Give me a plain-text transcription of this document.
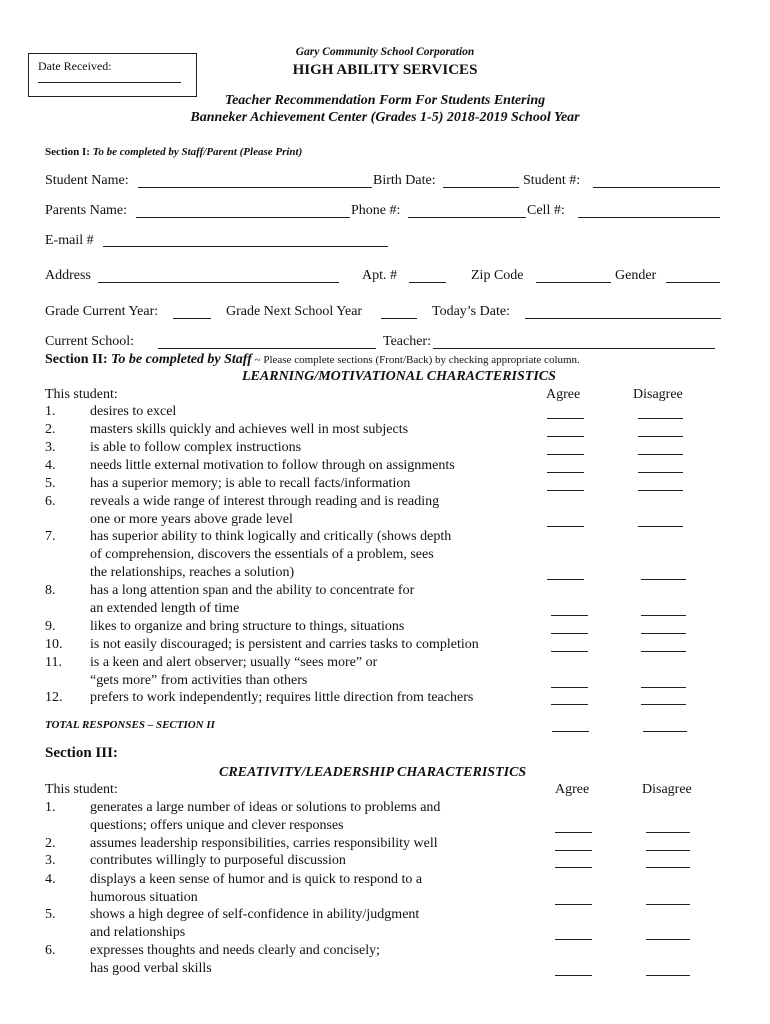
Date Received:
Gary Community School Corporation
HIGH ABILITY SERVICES
Teacher Recommendation Form For Students Entering
Banneker Achievement Center (Grades 1-5) 2018-2019 School Year
Section I: To be completed by Staff/Parent (Please Print)
Student Name:	Birth Date:	Student #:
Parents Name:	Phone #:	Cell #:
E-mail #
Address	Apt. #	Zip Code	Gender
Grade Current Year:	Grade Next School Year	Today’s Date:
Current School:	Teacher:
Section II: To be completed by Staff ~ Please complete sections (Front/Back) by checking appropriate column.
LEARNING/MOTIVATIONAL CHARACTERISTICS
This student:	Agree	Disagree
1. desires to excel
2. masters skills quickly and achieves well in most subjects
3. is able to follow complex instructions
4. needs little external motivation to follow through on assignments
5. has a superior memory; is able to recall facts/information
6. reveals a wide range of interest through reading and is reading
one or more years above grade level
7. has superior ability to think logically and critically (shows depth
of comprehension, discovers the essentials of a problem, sees
the relationships, reaches a solution)
8. has a long attention span and the ability to concentrate for
an extended length of time
9. likes to organize and bring structure to things, situations
10. is not easily discouraged; is persistent and carries tasks to completion
11. is a keen and alert observer; usually “sees more” or
“gets more” from activities than others
12. prefers to work independently; requires little direction from teachers
TOTAL RESPONSES – SECTION II
Section III:
CREATIVITY/LEADERSHIP CHARACTERISTICS
This student:	Agree	Disagree
1. generates a large number of ideas or solutions to problems and
questions; offers unique and clever responses
2. assumes leadership responsibilities, carries responsibility well
3. contributes willingly to purposeful discussion
4. displays a keen sense of humor and is quick to respond to a
humorous situation
5. shows a high degree of self-confidence in ability/judgment
and relationships
6. expresses thoughts and needs clearly and concisely;
has good verbal skills
